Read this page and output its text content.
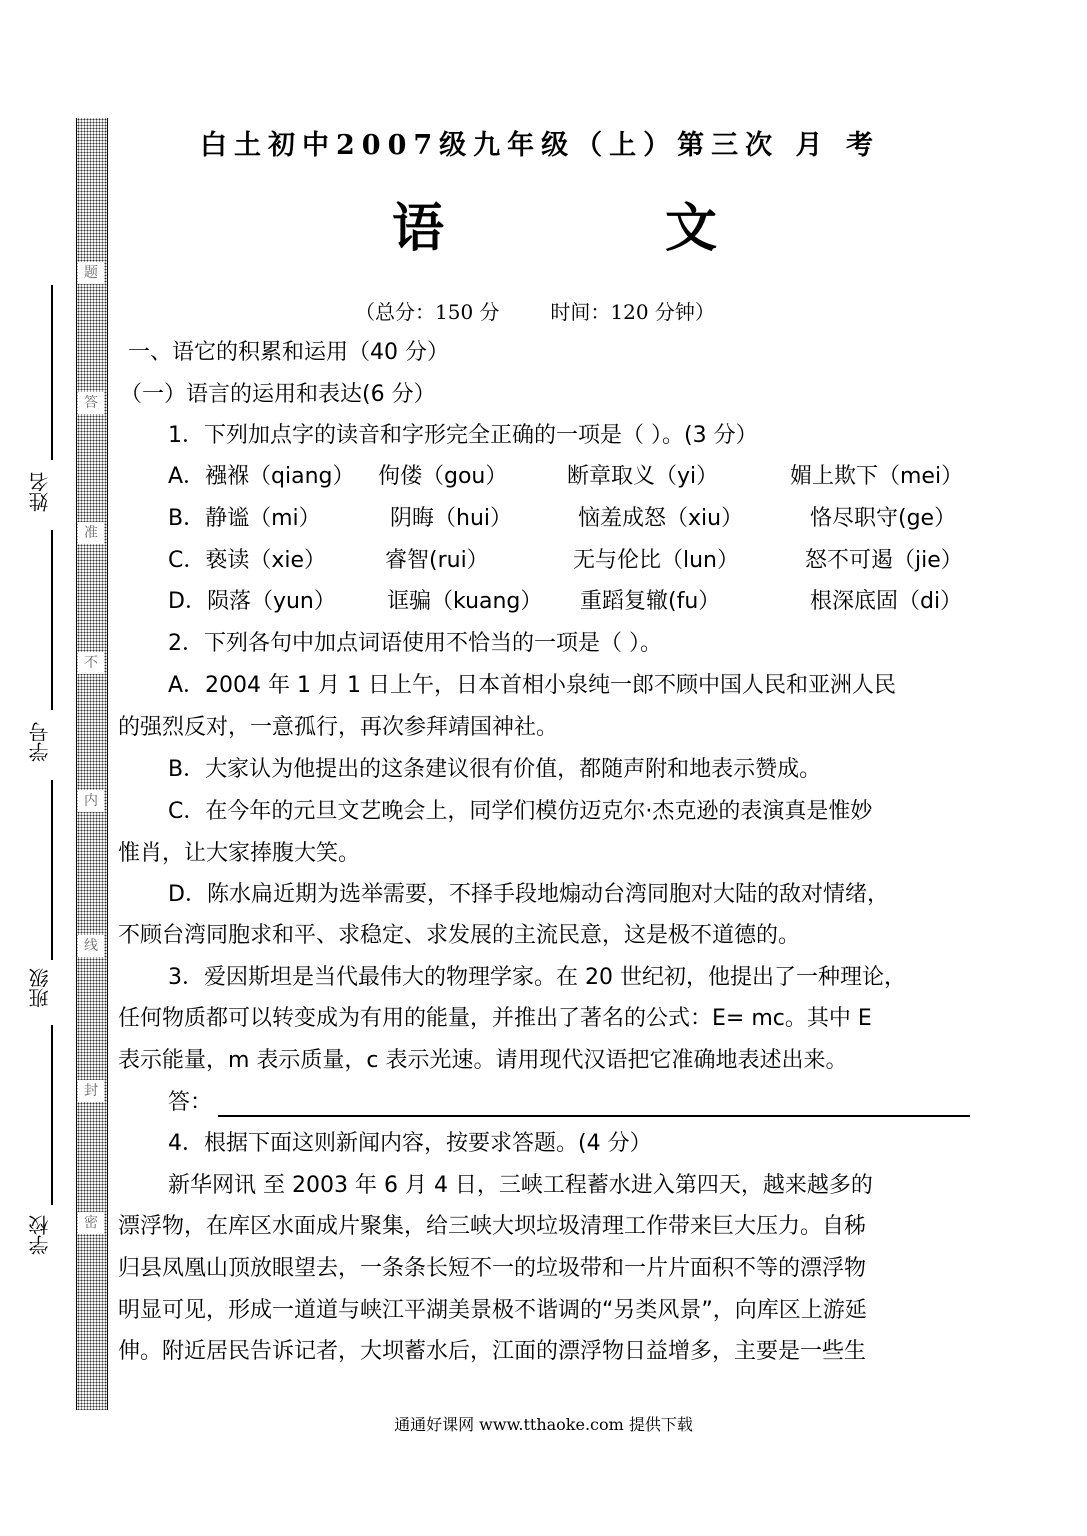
题
答
准
不
内
线
封
密
姓名
学号
班级
学校
白土初中2007级九年级（上）第三次 月 考
语	文
（总分：150 分        时间：120 分钟）
一、语它的积累和运用（40 分）
（一）语言的运用和表达(6 分）
1．下列加点字的读音和字形完全正确的一项是（ ）。(3 分）
A．襁褓（qiang） 佝偻（gou）	断章取义（yi）	媚上欺下（mei）
B．静谧（mi）	阴晦（hui）	恼羞成怒（xiu）	恪尽职守(ge）
C．亵读（xie）	睿智(rui）	无与伦比（lun）	怒不可遏（jie）
D．陨落（yun） 诓骗（kuang） 重蹈复辙(fu）	根深底固（di）
2．下列各句中加点词语使用不恰当的一项是（ ）。
A．2004 年 1 月 1 日上午，日本首相小泉纯一郎不顾中国人民和亚洲人民
的强烈反对，一意孤行，再次参拜靖国神社。
B．大家认为他提出的这条建议很有价值，都随声附和地表示赞成。
C．在今年的元旦文艺晚会上，同学们模仿迈克尔·杰克逊的表演真是惟妙
惟肖，让大家捧腹大笑。
D．陈水扁近期为选举需要，不择手段地煽动台湾同胞对大陆的敌对情绪，
不顾台湾同胞求和平、求稳定、求发展的主流民意，这是极不道德的。
3．爱因斯坦是当代最伟大的物理学家。在 20 世纪初，他提出了一种理论，
任何物质都可以转变成为有用的能量，并推出了著名的公式：E= mc。其中 E
表示能量，m 表示质量，c 表示光速。请用现代汉语把它准确地表述出来。
答：
4．根据下面这则新闻内容，按要求答题。(4 分）
新华网讯 至 2003 年 6 月 4 日，三峡工程蓄水进入第四天，越来越多的
漂浮物，在库区水面成片聚集，给三峡大坝垃圾清理工作带来巨大压力。自秭
归县凤凰山顶放眼望去，一条条长短不一的垃圾带和一片片面积不等的漂浮物
明显可见，形成一道道与峡江平湖美景极不谐调的“另类风景”，向库区上游延
伸。附近居民告诉记者，大坝蓄水后，江面的漂浮物日益增多，主要是一些生
通通好课网 www.tthaoke.com 提供下载
